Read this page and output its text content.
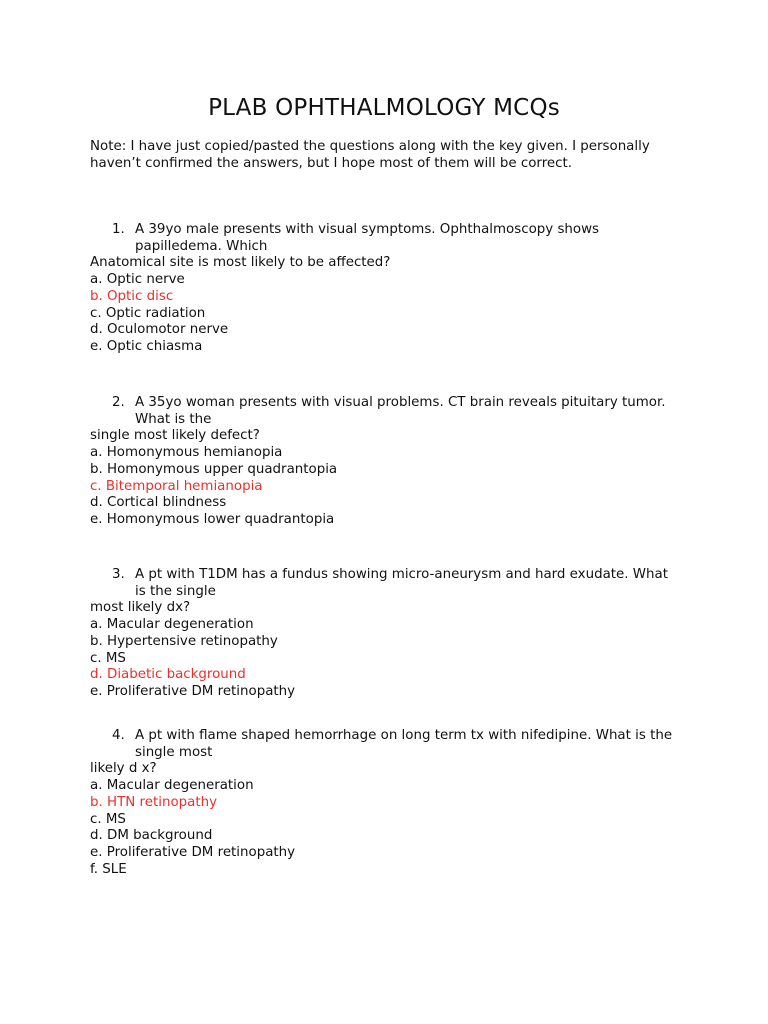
PLAB OPHTHALMOLOGY MCQs
Note: I have just copied/pasted the questions along with the key given. I personally haven’t confirmed the answers, but I hope most of them will be correct.
1. A 39yo male presents with visual symptoms. Ophthalmoscopy shows papilledema. Which
Anatomical site is most likely to be affected?
a. Optic nerve
b. Optic disc
c. Optic radiation
d. Oculomotor nerve
e. Optic chiasma
2. A 35yo woman presents with visual problems. CT brain reveals pituitary tumor. What is the
single most likely defect?
a. Homonymous hemianopia
b. Homonymous upper quadrantopia
c. Bitemporal hemianopia
d. Cortical blindness
e. Homonymous lower quadrantopia
3. A pt with T1DM has a fundus showing micro-aneurysm and hard exudate. What is the single
most likely dx?
a. Macular degeneration
b. Hypertensive retinopathy
c. MS
d. Diabetic background
e. Proliferative DM retinopathy
4. A pt with flame shaped hemorrhage on long term tx with nifedipine. What is the single most
likely d x?
a. Macular degeneration
b. HTN retinopathy
c. MS
d. DM background
e. Proliferative DM retinopathy
f. SLE
